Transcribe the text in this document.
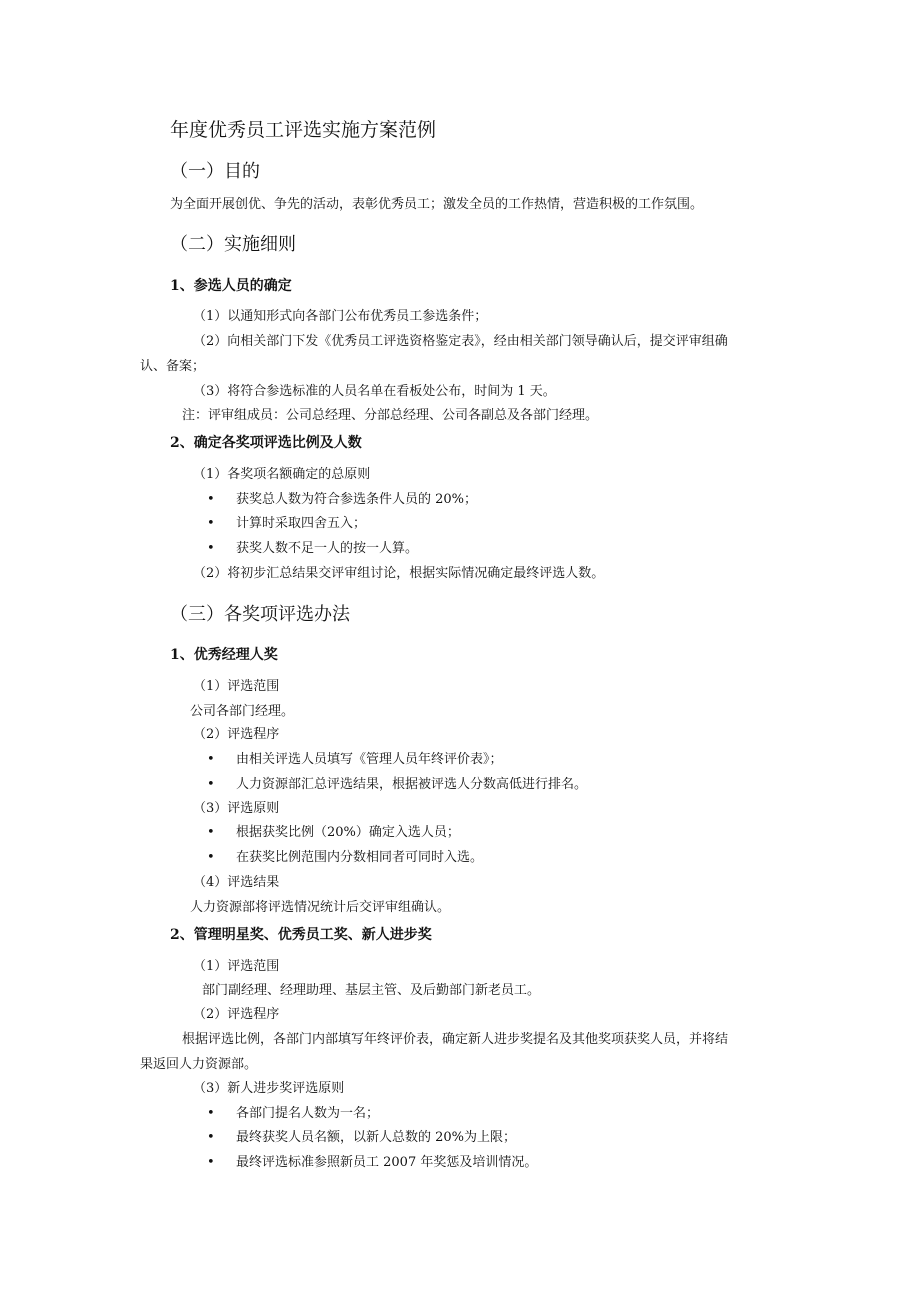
年度优秀员工评选实施方案范例
（一）目的
为全面开展创优、争先的活动，表彰优秀员工；激发全员的工作热情，营造积极的工作氛围。
（二）实施细则
1、参选人员的确定
（1）以通知形式向各部门公布优秀员工参选条件；
（2）向相关部门下发《优秀员工评选资格鉴定表》，经由相关部门领导确认后，提交评审组确
认、备案；
（3）将符合参选标准的人员名单在看板处公布，时间为 1 天。
注：评审组成员：公司总经理、分部总经理、公司各副总及各部门经理。
2、确定各奖项评选比例及人数
（1）各奖项名额确定的总原则
• 获奖总人数为符合参选条件人员的 20%；
• 计算时采取四舍五入；
• 获奖人数不足一人的按一人算。
（2）将初步汇总结果交评审组讨论，根据实际情况确定最终评选人数。
（三）各奖项评选办法
1、优秀经理人奖
（1）评选范围
公司各部门经理。
（2）评选程序
• 由相关评选人员填写《管理人员年终评价表》；
• 人力资源部汇总评选结果，根据被评选人分数高低进行排名。
（3）评选原则
• 根据获奖比例（20%）确定入选人员；
• 在获奖比例范围内分数相同者可同时入选。
（4）评选结果
人力资源部将评选情况统计后交评审组确认。
2、管理明星奖、优秀员工奖、新人进步奖
（1）评选范围
部门副经理、经理助理、基层主管、及后勤部门新老员工。
（2）评选程序
根据评选比例，各部门内部填写年终评价表，确定新人进步奖提名及其他奖项获奖人员，并将结
果返回人力资源部。
（3）新人进步奖评选原则
• 各部门提名人数为一名；
• 最终获奖人员名额，以新人总数的 20%为上限；
• 最终评选标准参照新员工 2007 年奖惩及培训情况。
